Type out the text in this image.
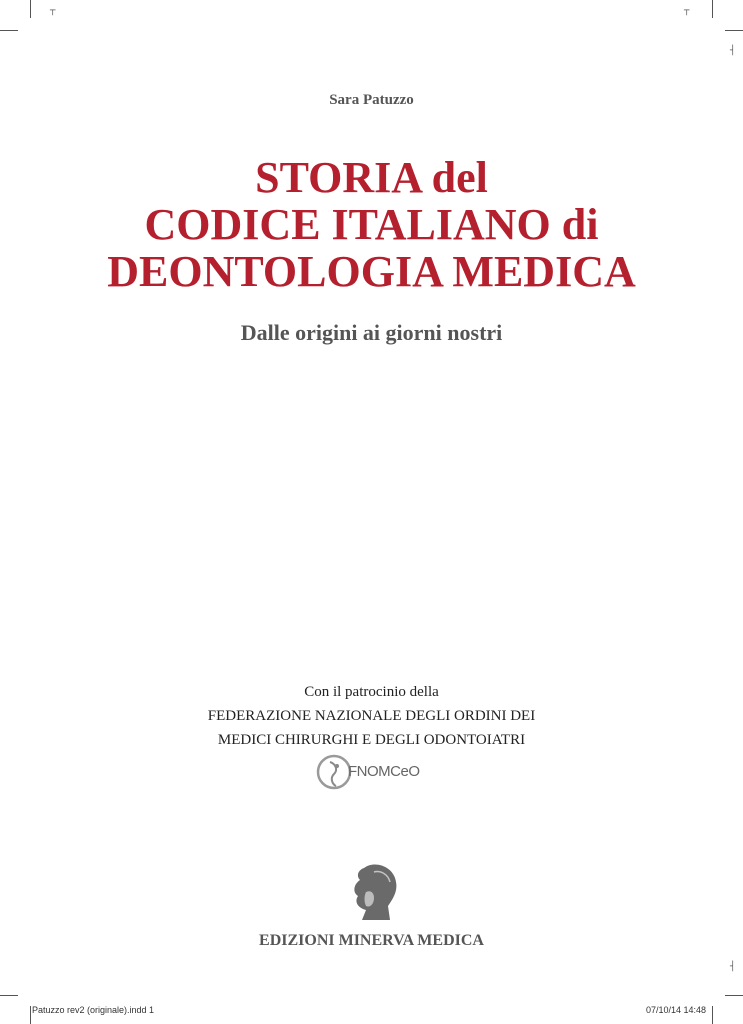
┬	┬
┤
┤
Sara Patuzzo
STORIA del
CODICE ITALIANO di
DEONTOLOGIA MEDICA
Dalle origini ai giorni nostri
Con il patrocinio della
FEDERAZIONE NAZIONALE DEGLI ORDINI DEI
MEDICI CHIRURGHI E DEGLI ODONTOIATRI
FNOMCeO
EDIZIONI MINERVA MEDICA
Patuzzo rev2 (originale).indd 1	07/10/14 14:48
